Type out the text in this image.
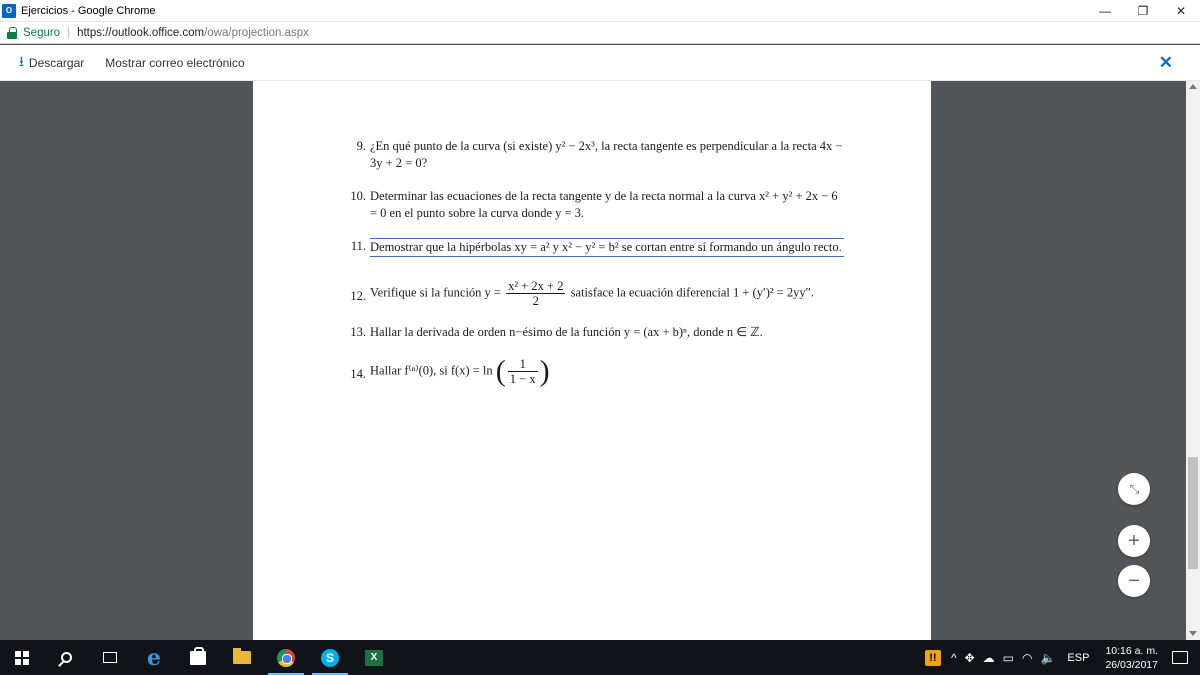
O Ejercicios - Google Chrome	—	❐	✕
Seguro | https://outlook.office.com /owa/projection.aspx
⭳ Descargar Mostrar correo electrónico	✕
9. ¿En qué punto de la curva (si existe) y² − 2x³, la recta tangente es perpendicular a la recta 4x − 3y + 2 = 0?
10. Determinar las ecuaciones de la recta tangente y de la recta normal a la curva x² + y² + 2x − 6 = 0 en el punto sobre la curva donde y = 3.
11. Demostrar que la hipérbolas xy = a² y x² − y² = b² se cortan entre sí formando un ángulo recto.
12. Verifique si la función $y = \frac{\text{x² + 2x + 2}}{2}$ satisface la ecuación diferencial 1 + (y′)² = 2yy″.
13. Hallar la derivada de orden n−ésimo de la función y = (ax + b)ⁿ, donde n ∈ ℤ.
14. Hallar f⁽ⁿ⁾(0), si f(x) = ln ( $\frac{1}{1 - x}$ )
⤡
+
−
e	S	X	!!	^ ✥ ☁ ▭ ◠ 🔈 ESP
10:16 a. m.
26/03/2017
